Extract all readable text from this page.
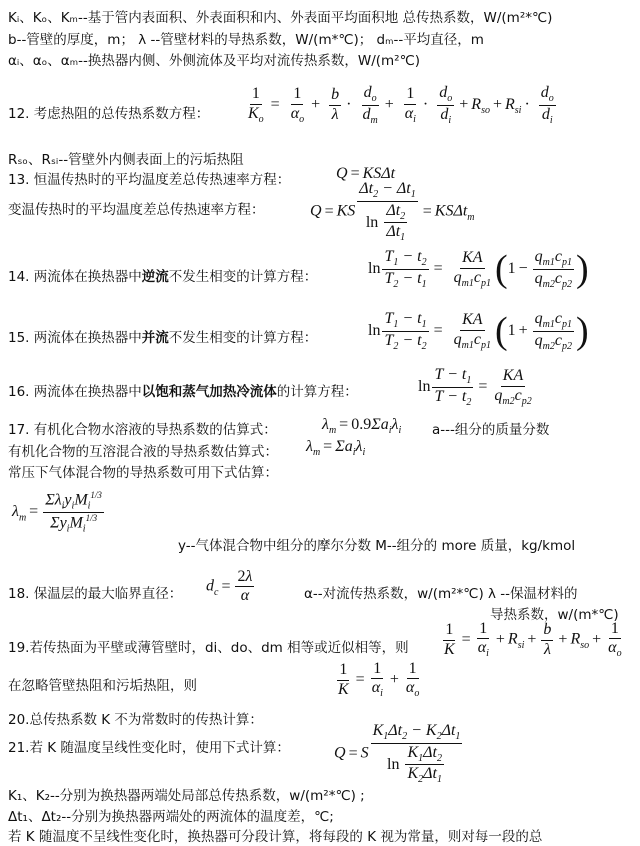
Kᵢ、Kₒ、Kₘ--基于管内表面积、外表面积和内、外表面平均面积地 总传热系数，W/(m²*℃)
b--管壁的厚度，m； λ --管壁材料的导热系数，W/(m*℃)； dₘ--平均直径，m
αᵢ、αₒ、αₘ--换热器内侧、外侧流体及平均对流传热系数，W/(m²℃)
12. 考虑热阻的总传热系数方程： $\frac{1}{K_o} = \frac{1}{\alpha_o} + \frac{b}{\lambda} \cdot \frac{d_o}{d_m} + \frac{1}{\alpha_i} \cdot \frac{d_o}{d_i} + R_{so} + R_{si} \cdot \frac{d_o}{d_i}$
Rₛₒ、Rₛᵢ--管壁外内侧表面上的污垢热阻
13. 恒温传热时的平均温度差总传热速率方程：	Q = KSΔt
变温传热时的平均温度差总传热速率方程：	Q = KS $\frac{\Delta t_2 - \Delta t_1}{\ln \frac{\Delta t_2}{\Delta t_1}} = KS\Delta t_m$
14. 两流体在换热器中逆流不发生相变的计算方程：
$\ln \frac{T_1 - t_2}{T_2 - t_1} = \frac{KA}{q_{m1}c_{p1}} (1 - \frac{q_{m1}c_{p1}}{q_{m2}c_{p2}}$ )
15. 两流体在换热器中并流不发生相变的计算方程：	$\ln \frac{T_1 - t_1}{T_2 - t_2} = \frac{KA}{q_{m1}c_{p1}} (1 + \frac{q_{m1}c_{p1}}{q_{m2}c_{p2}}$ )
16. 两流体在换热器中以饱和蒸气加热冷流体的计算方程：	$\ln \frac{T - t_1}{T - t_2} = \frac{KA}{q_{m2}c_{p2}}$
17. 有机化合物水溶液的导热系数的估算式：	$\lambda_m = 0.9\Sigma a_i\lambda_i$ a---组分的质量分数
有机化合物的互溶混合液的导热系数估算式： $\lambda_m = \Sigma a_i\lambda_i$
常压下气体混合物的导热系数可用下式估算：
$\lambda_m = \frac{\Sigma\lambda_iy_iM_i^{1/3}}{\Sigma y_iM_i^{1/3}}$
y--气体混合物中组分的摩尔分数 M--组分的 more 质量，kg/kmol
18. 保温层的最大临界直径： $d_c = \frac{2\lambda}{\alpha}$	α--对流传热系数，w/(m²*℃) λ --保温材料的
导热系数，w/(m*℃)
19.若传热面为平壁或薄管壁时，di、do、dm 相等或近似相等，则 $\frac{1}{K} = \frac{1}{\alpha_i} + R_{si} + \frac{b}{\lambda} + R_{so} + \frac{1}{\alpha_o}$
在忽略管壁热阻和污垢热阻，则	$\frac{1}{K} = \frac{1}{\alpha_i} + \frac{1}{\alpha_o}$
20.总传热系数 K 不为常数时的传热计算：
21.若 K 随温度呈线性变化时，使用下式计算：	Q = S $\frac{K_1\Delta t_2 - K_2\Delta t_1}{\ln \frac{K_1\Delta t_2}{K_2\Delta t_1}}$
K₁、K₂--分别为换热器两端处局部总传热系数，w/(m²*℃) ;
Δt₁、Δt₂--分别为换热器两端处的两流体的温度差，℃;
若 K 随温度不呈线性变化时，换热器可分段计算，将每段的 K 视为常量，则对每一段的总
